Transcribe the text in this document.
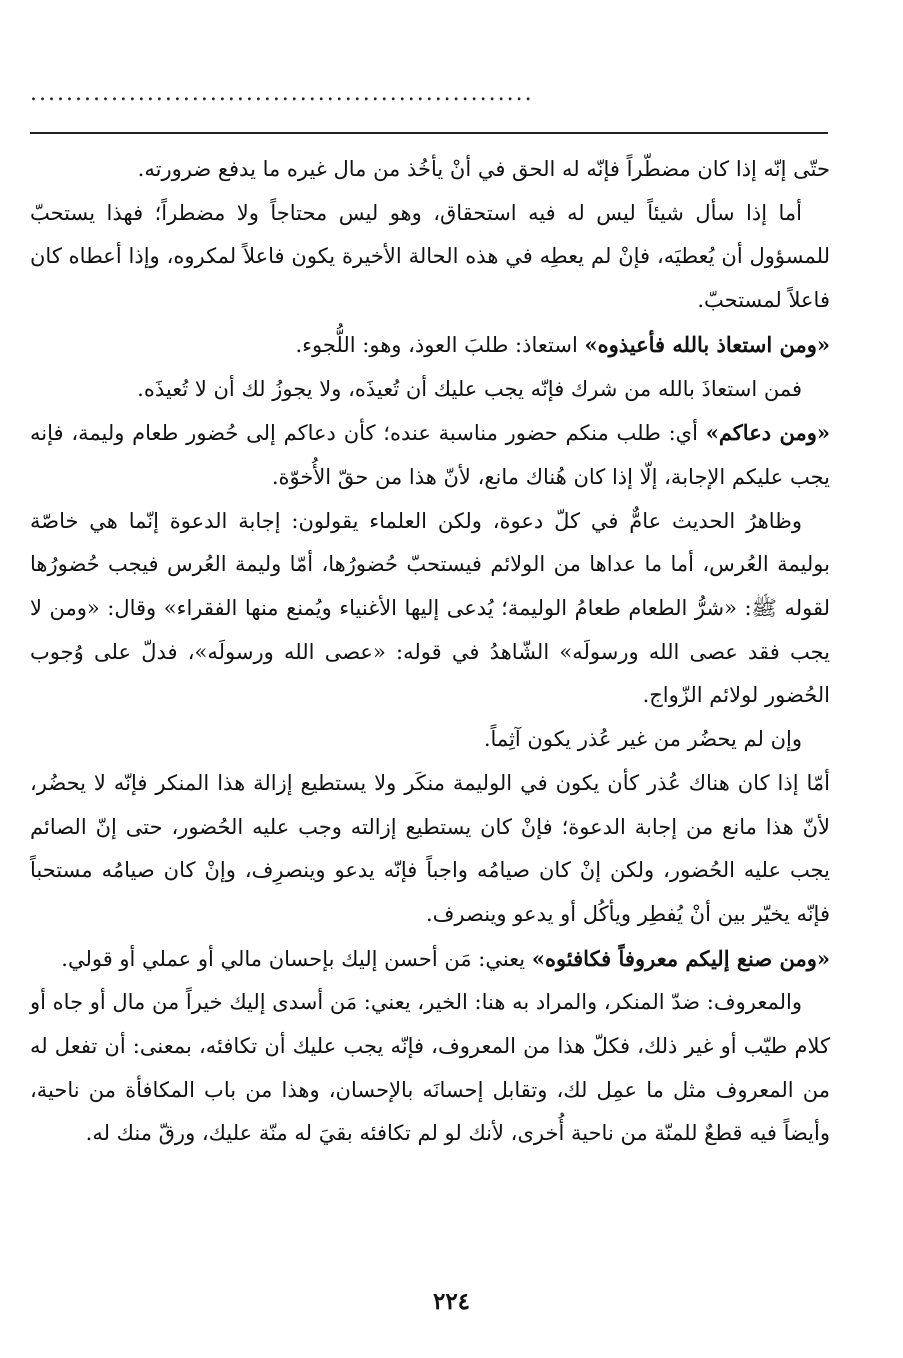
........................................................

حتّى إنّه إذا كان مضطّراً فإنّه له الحق في أنْ يأخُذ من مال غيره ما يدفع ضرورته.

أما إذا سأل شيئاً ليس له فيه استحقاق، وهو ليس محتاجاً ولا مضطراً؛ فهذا يستحبّ للمسؤول أن يُعطيَه، فإنْ لم يعطِه في هذه الحالة الأخيرة يكون فاعلاً لمكروه، وإذا أعطاه كان فاعلاً لمستحبّ.

«ومن استعاذ بالله فأعيذوه» استعاذ: طلبَ العوذ، وهو: اللُّجوء.

فمن استعاذَ بالله من شرك فإنّه يجب عليك أن تُعيذَه، ولا يجوزُ لك أن لا تُعيذَه.

«ومن دعاكم» أي: طلب منكم حضور مناسبة عنده؛ كأن دعاكم إلى حُضور طعام وليمة، فإنه يجب عليكم الإجابة، إلّا إذا كان هُناك مانع، لأنّ هذا من حقّ الأُخوّة.

وظاهرُ الحديث عامٌّ في كلّ دعوة، ولكن العلماء يقولون: إجابة الدعوة إنّما هي خاصّة بوليمة العُرس، أما ما عداها من الولائم فيستحبّ حُضورُها، أمّا وليمة العُرس فيجب حُضورُها لقوله ﷺ: «شرُّ الطعام طعامُ الوليمة؛ يُدعى إليها الأغنياء ويُمنع منها الفقراء» وقال: «ومن لا يجب فقد عصى الله ورسولَه» الشّاهدُ في قوله: «عصى الله ورسولَه»، فدلّ على وُجوب الحُضور لولائم الزّواج.

وإن لم يحضُر من غير عُذر يكون آثِماً.

أمّا إذا كان هناك عُذر كأن يكون في الوليمة منكَر ولا يستطيع إزالة هذا المنكر فإنّه لا يحضُر، لأنّ هذا مانع من إجابة الدعوة؛ فإنْ كان يستطيع إزالته وجب عليه الحُضور، حتى إنّ الصائم يجب عليه الحُضور، ولكن إنْ كان صيامُه واجباً فإنّه يدعو وينصرِف، وإنْ كان صيامُه مستحباً فإنّه يخيّر بين أنْ يُفطِر ويأكُل أو يدعو وينصرف.

«ومن صنع إليكم معروفاً فكافئوه» يعني: مَن أحسن إليك بإحسان مالي أو عملي أو قولي.

والمعروف: ضدّ المنكر، والمراد به هنا: الخير، يعني: مَن أسدى إليك خيراً من مال أو جاه أو كلام طيّب أو غير ذلك، فكلّ هذا من المعروف، فإنّه يجب عليك أن تكافئه، بمعنى: أن تفعل له من المعروف مثل ما عمِل لك، وتقابل إحسانَه بالإحسان، وهذا من باب المكافأة من ناحية، وأيضاً فيه قطعٌ للمنّة من ناحية أُخرى، لأنك لو لم تكافئه بقيَ له منّة عليك، ورقّ منك له.

٢٢٤
